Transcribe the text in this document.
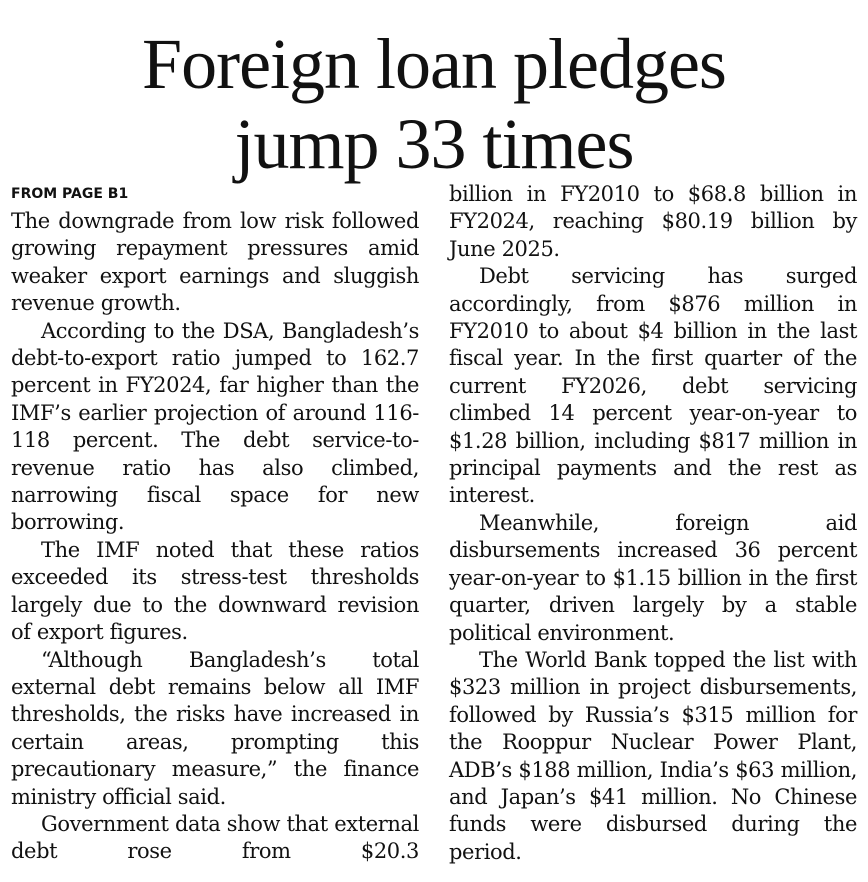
Foreign loan pledges
jump 33 times
FROM PAGE B1

The downgrade from low risk followed growing repayment pressures amid weaker export earnings and sluggish revenue growth.

According to the DSA, Bangladesh’s debt-to-export ratio jumped to 162.7 percent in FY2024, far higher than the IMF’s earlier projection of around 116-118 percent. The debt service-to-revenue ratio has also climbed, narrowing fiscal space for new borrowing.

The IMF noted that these ratios exceeded its stress-test thresholds largely due to the downward revision of export figures.

“Although Bangladesh’s total external debt remains below all IMF thresholds, the risks have increased in certain areas, prompting this precautionary measure,” the finance ministry official said.

Government data show that external debt rose from $20.3

billion in FY2010 to $68.8 billion in FY2024, reaching $80.19 billion by June 2025.

Debt servicing has surged accordingly, from $876 million in FY2010 to about $4 billion in the last fiscal year. In the first quarter of the current FY2026, debt servicing climbed 14 percent year-on-year to $1.28 billion, including $817 million in principal payments and the rest as interest.

Meanwhile, foreign aid disbursements increased 36 percent year-on-year to $1.15 billion in the first quarter, driven largely by a stable political environment.

The World Bank topped the list with $323 million in project disbursements, followed by Russia’s $315 million for the Rooppur Nuclear Power Plant, ADB’s $188 million, India’s $63 million, and Japan’s $41 million. No Chinese funds were disbursed during the period.
